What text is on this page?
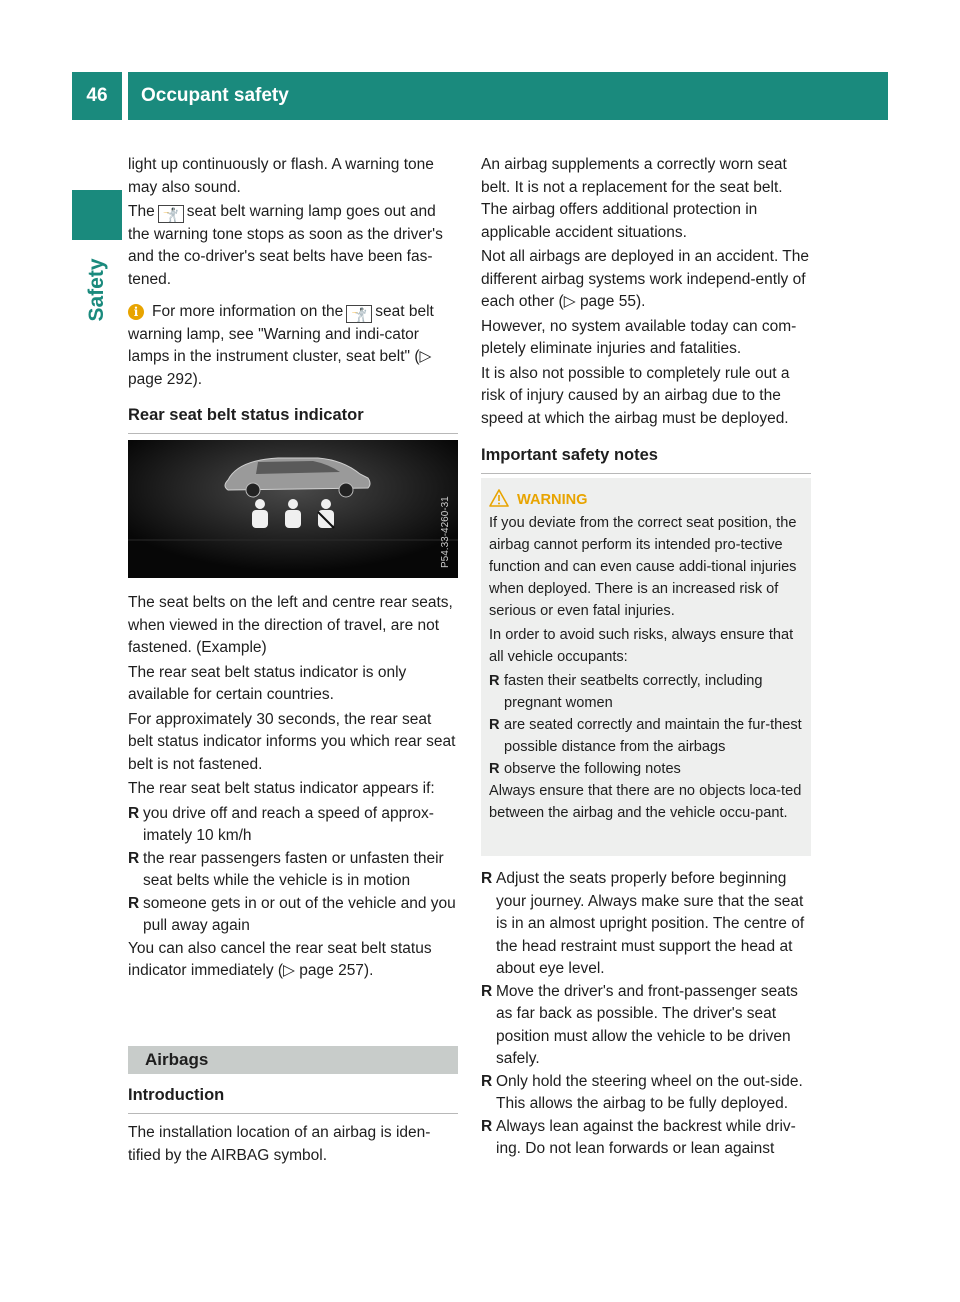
46	Occupant safety
Safety

light up continuously or flash. A warning tone may also sound.

The 🤺 seat belt warning lamp goes out and the warning tone stops as soon as the driver's and the co-driver's seat belts have been fas-tened.

i For more information on the 🤺 seat belt warning lamp, see "Warning and indi-cator lamps in the instrument cluster, seat belt" (▷ page 292).

Rear seat belt status indicator
P54.33-4260-31

The seat belts on the left and centre rear seats, when viewed in the direction of travel, are not fastened. (Example)

The rear seat belt status indicator is only available for certain countries.

For approximately 30 seconds, the rear seat belt status indicator informs you which rear seat belt is not fastened.

The rear seat belt status indicator appears if:

R you drive off and reach a speed of approx-imately 10 km/h
R the rear passengers fasten or unfasten their seat belts while the vehicle is in motion
R someone gets in or out of the vehicle and you pull away again

You can also cancel the rear seat belt status indicator immediately (▷ page 257).

Airbags
Introduction

The installation location of an airbag is iden-tified by the AIRBAG symbol.

An airbag supplements a correctly worn seat belt. It is not a replacement for the seat belt. The airbag offers additional protection in applicable accident situations.

Not all airbags are deployed in an accident. The different airbag systems work independ-ently of each other (▷ page 55).

However, no system available today can com-pletely eliminate injuries and fatalities.

It is also not possible to completely rule out a risk of injury caused by an airbag due to the speed at which the airbag must be deployed.

Important safety notes
WARNING

If you deviate from the correct seat position, the airbag cannot perform its intended pro-tective function and can even cause addi-tional injuries when deployed. There is an increased risk of serious or even fatal injuries.

In order to avoid such risks, always ensure that all vehicle occupants:

R fasten their seatbelts correctly, including pregnant women
R are seated correctly and maintain the fur-thest possible distance from the airbags
R observe the following notes

Always ensure that there are no objects loca-ted between the airbag and the vehicle occu-pant.

R Adjust the seats properly before beginning your journey. Always make sure that the seat is in an almost upright position. The centre of the head restraint must support the head at about eye level.
R Move the driver's and front-passenger seats as far back as possible. The driver's seat position must allow the vehicle to be driven safely.
R Only hold the steering wheel on the out-side. This allows the airbag to be fully deployed.
R Always lean against the backrest while driv-ing. Do not lean forwards or lean against
